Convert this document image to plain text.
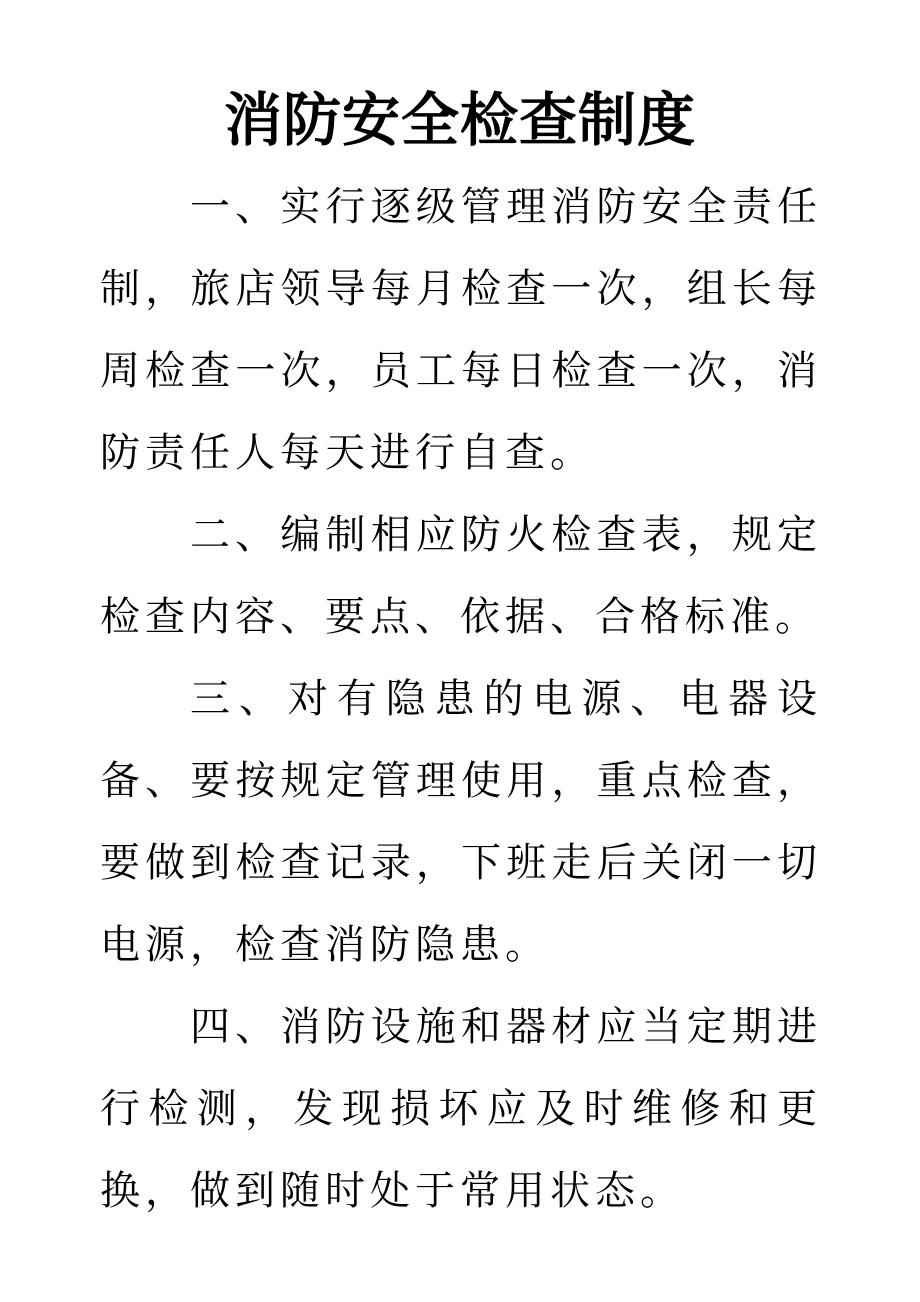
消防安全检查制度

一、实行逐级管理消防安全责任制，旅店领导每月检查一次，组长每周检查一次，员工每日检查一次，消防责任人每天进行自查。

二、编制相应防火检查表，规定检查内容、要点、依据、合格标准。

三、对有隐患的电源、电器设备、要按规定管理使用，重点检查，要做到检查记录，下班走后关闭一切电源，检查消防隐患。

四、消防设施和器材应当定期进行检测，发现损坏应及时维修和更换，做到随时处于常用状态。
